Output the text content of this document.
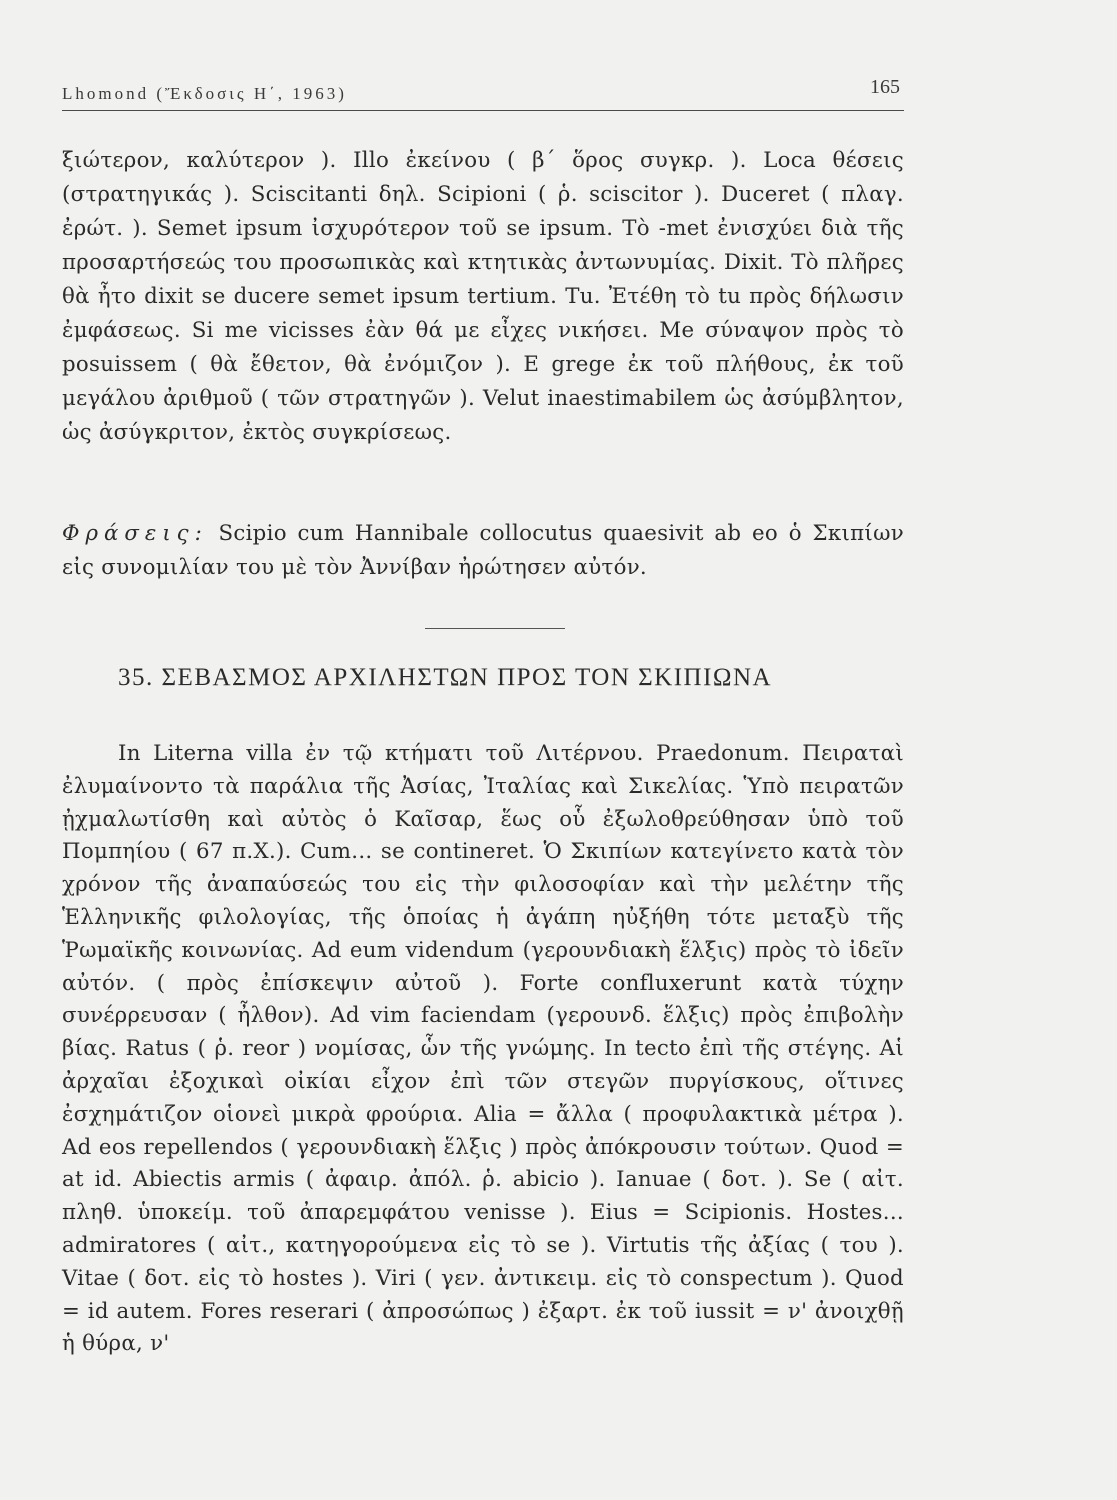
Lhomond (Ἔκδοσις Η΄, 1963)	165

ξιώτερον, καλύτερον ). Illo ἐκείνου ( β΄ ὅρος συγκρ. ). Loca θέσεις (στρατηγικάς ). Sciscitanti δηλ. Scipioni ( ῥ. sciscitor ). Duceret ( πλαγ. ἐρώτ. ). Semet ipsum ἰσχυρότερον τοῦ se ipsum. Τὸ -met ἐνισχύει διὰ τῆς προσαρτήσεώς του προσωπικὰς καὶ κτητικὰς ἀντωνυμίας. Dixit. Τὸ πλῆρες θὰ ἦτο dixit se ducere semet ipsum tertium. Tu. Ἐτέθη τὸ tu πρὸς δήλωσιν ἐμφάσεως. Si me vicisses ἐὰν θά με εἶχες νικήσει. Me σύναψον πρὸς τὸ posuissem ( θὰ ἔθετον, θὰ ἐνόμιζον ). E grege ἐκ τοῦ πλήθους, ἐκ τοῦ μεγάλου ἀριθμοῦ ( τῶν στρατηγῶν ). Velut inaestimabilem ὡς ἀσύμβλητον, ὡς ἀσύγκριτον, ἐκτὸς συγκρίσεως.

Φράσεις: Scipio cum Hannibale collocutus quaesivit ab eo ὁ Σκιπίων εἰς συνομιλίαν του μὲ τὸν Ἀννίβαν ἠρώτησεν αὐτόν.

35. ΣΕΒΑΣΜΟΣ ΑΡΧΙΛΗΣΤΩΝ ΠΡΟΣ ΤΟΝ ΣΚΙΠΙΩΝΑ

In Literna villa ἐν τῷ κτήματι τοῦ Λιτέρνου. Praedonum. Πειραταὶ ἐλυμαίνοντο τὰ παράλια τῆς Ἀσίας, Ἰταλίας καὶ Σικελίας. Ὑπὸ πειρατῶν ᾐχμαλωτίσθη καὶ αὐτὸς ὁ Καῖσαρ, ἕως οὗ ἐξωλοθρεύθησαν ὑπὸ τοῦ Πομπηίου ( 67 π.Χ.). Cum... se contineret. Ὁ Σκιπίων κατεγίνετο κατὰ τὸν χρόνον τῆς ἀναπαύσεώς του εἰς τὴν φιλοσοφίαν καὶ τὴν μελέτην τῆς Ἑλληνικῆς φιλολογίας, τῆς ὁποίας ἡ ἀγάπη ηὐξήθη τότε μεταξὺ τῆς Ῥωμαϊκῆς κοινωνίας. Ad eum videndum (γερουνδιακὴ ἕλξις) πρὸς τὸ ἰδεῖν αὐτόν. ( πρὸς ἐπίσκεψιν αὐτοῦ ). Forte confluxerunt κατὰ τύχην συνέρρευσαν ( ἦλθον). Ad vim faciendam (γερουνδ. ἕλξις) πρὸς ἐπιβολὴν βίας. Ratus ( ῥ. reor ) νομίσας, ὧν τῆς γνώμης. In tecto ἐπὶ τῆς στέγης. Αἱ ἀρχαῖαι ἐξοχικαὶ οἰκίαι εἶχον ἐπὶ τῶν στεγῶν πυργίσκους, οἵτινες ἐσχημάτιζον οἱονεὶ μικρὰ φρούρια. Alia = ἄλλα ( προφυλακτικὰ μέτρα ). Ad eos repellendos ( γερουνδιακὴ ἕλξις ) πρὸς ἀπόκρουσιν τούτων. Quod = at id. Abiectis armis ( ἀφαιρ. ἀπόλ. ῥ. abicio ). Ianuae ( δοτ. ). Se ( αἰτ. πληθ. ὑποκείμ. τοῦ ἀπαρεμφάτου venisse ). Eius = Scipionis. Hostes... admiratores ( αἰτ., κατηγορούμενα εἰς τὸ se ). Virtutis τῆς ἀξίας ( του ). Vitae ( δοτ. εἰς τὸ hostes ). Viri ( γεν. ἀντικειμ. εἰς τὸ conspectum ). Quod = id autem. Fores reserari ( ἀπροσώπως ) ἐξαρτ. ἐκ τοῦ iussit = ν' ἀνοιχθῇ ἡ θύρα, ν'
